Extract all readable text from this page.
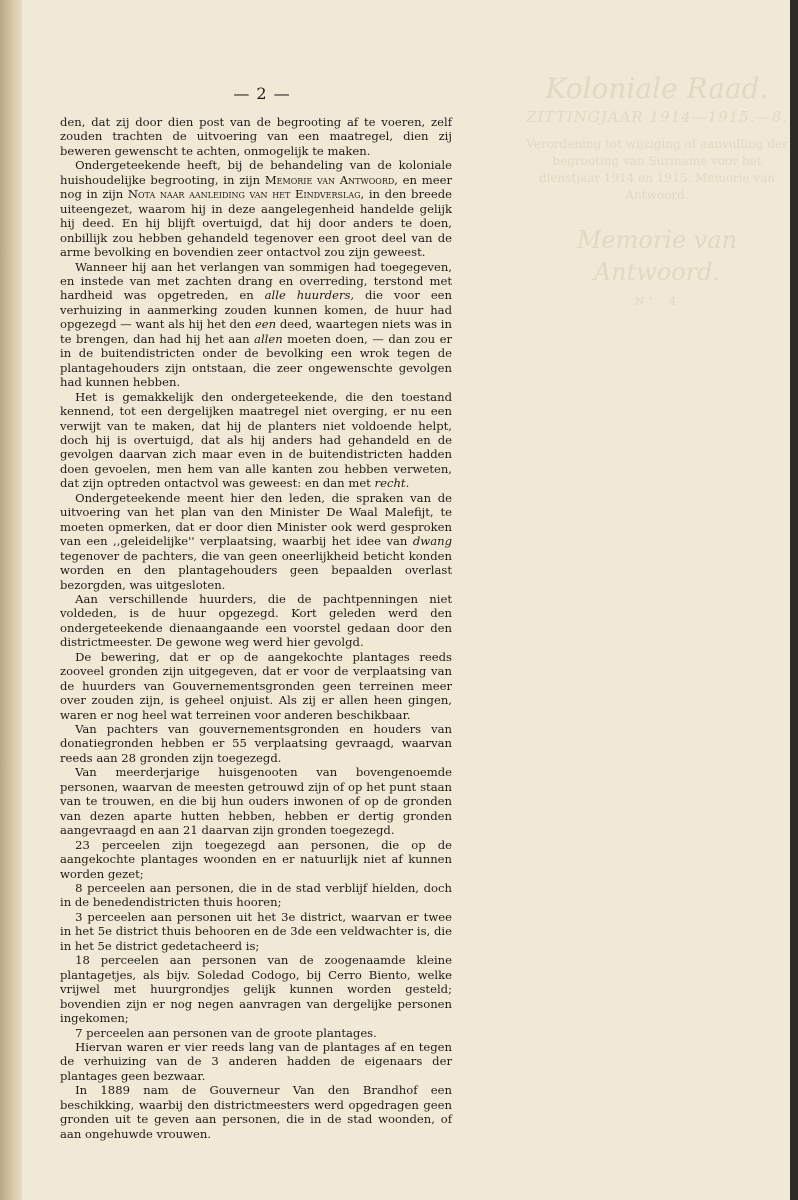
Koloniale Raad.
ZITTINGJAAR 1914—1915.—8.
Verordening tot wijziging of aanvulling der begrooting van Suriname voor het dienstjaar 1914 en 1915. Memorie van Antwoord.
Memorie van Antwoord.
N°. 4
— 2 —

den, dat zij door dien post van de begrooting af te voeren, zelf zouden trachten de uitvoering van een maatregel, dien zij beweren gewenscht te achten, onmogelijk te maken.

Ondergeteekende heeft, bij de behandeling van de koloniale huishoudelijke begrooting, in zijn Memorie van Antwoord, en meer nog in zijn Nota naar aanleiding van het Eindverslag, in den breede uiteengezet, waarom hij in deze aangelegenheid handelde gelijk hij deed. En hij blijft overtuigd, dat hij door anders te doen, onbillijk zou hebben gehandeld tegenover een groot deel van de arme bevolking en bovendien zeer ontactvol zou zijn geweest.

Wanneer hij aan het verlangen van sommigen had toegegeven, en instede van met zachten drang en overreding, terstond met hardheid was opgetreden, en alle huurders, die voor een verhuizing in aanmerking zouden kunnen komen, de huur had opgezegd — want als hij het den een deed, waartegen niets was in te brengen, dan had hij het aan allen moeten doen, — dan zou er in de buitendistricten onder de bevolking een wrok tegen de plantagehouders zijn ontstaan, die zeer ongewenschte gevolgen had kunnen hebben.

Het is gemakkelijk den ondergeteekende, die den toestand kennend, tot een dergelijken maatregel niet overging, er nu een verwijt van te maken, dat hij de planters niet voldoende helpt, doch hij is overtuigd, dat als hij anders had gehandeld en de gevolgen daarvan zich maar even in de buitendistricten hadden doen gevoelen, men hem van alle kanten zou hebben verweten, dat zijn optreden ontactvol was geweest: en dan met recht.

Ondergeteekende meent hier den leden, die spraken van de uitvoering van het plan van den Minister De Waal Malefijt, te moeten opmerken, dat er door dien Minister ook werd gesproken van een ,,geleidelijke'' verplaatsing, waarbij het idee van dwang tegenover de pachters, die van geen oneerlijkheid beticht konden worden en den plantagehouders geen bepaalden overlast bezorgden, was uitgesloten.

Aan verschillende huurders, die de pachtpenningen niet voldeden, is de huur opgezegd. Kort geleden werd den ondergeteekende dienaangaande een voorstel gedaan door den districtmeester. De gewone weg werd hier gevolgd.

De bewering, dat er op de aangekochte plantages reeds zooveel gronden zijn uitgegeven, dat er voor de verplaatsing van de huurders van Gouvernementsgronden geen terreinen meer over zouden zijn, is geheel onjuist. Als zij er allen heen gingen, waren er nog heel wat terreinen voor anderen beschikbaar.

Van pachters van gouvernementsgronden en houders van donatiegronden hebben er 55 verplaatsing gevraagd, waarvan reeds aan 28 gronden zijn toegezegd.

Van meerderjarige huisgenooten van bovengenoemde personen, waarvan de meesten getrouwd zijn of op het punt staan van te trouwen, en die bij hun ouders inwonen of op de gronden van dezen aparte hutten hebben, hebben er dertig gronden aangevraagd en aan 21 daarvan zijn gronden toegezegd.

23 perceelen zijn toegezegd aan personen, die op de aangekochte plantages woonden en er natuurlijk niet af kunnen worden gezet;

8 perceelen aan personen, die in de stad verblijf hielden, doch in de benedendistricten thuis hooren;

3 perceelen aan personen uit het 3e district, waarvan er twee in het 5e district thuis behooren en de 3de een veldwachter is, die in het 5e district gedetacheerd is;

18 perceelen aan personen van de zoogenaamde kleine plantagetjes, als bijv. Soledad Codogo, bij Cerro Biento, welke vrijwel met huurgrondjes gelijk kunnen worden gesteld; bovendien zijn er nog negen aanvragen van dergelijke personen ingekomen;

7 perceelen aan personen van de groote plantages.

Hiervan waren er vier reeds lang van de plantages af en tegen de verhuizing van de 3 anderen hadden de eigenaars der plantages geen bezwaar.

In 1889 nam de Gouverneur Van den Brandhof een beschikking, waarbij den districtmeesters werd opgedragen geen gronden uit te geven aan personen, die in de stad woonden, of aan ongehuwde vrouwen.
